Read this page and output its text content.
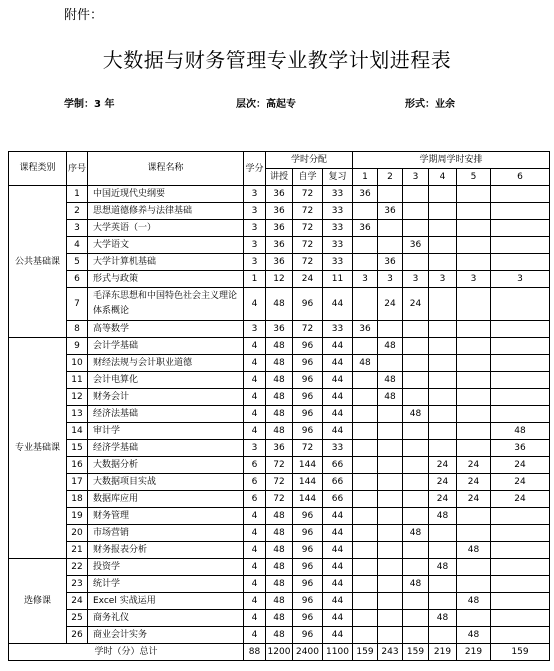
附件：
大数据与财务管理专业教学计划进程表
学制：3 年	层次：高起专	形式：业余
课程类别	序号	课程名称	学分	学时分配			学期周学时安排					
				讲授	自学	复习	1	2	3	4	5	6
公共基础课	1	中国近现代史纲要	3	36	72	33	36					
	2	思想道德修养与法律基础	3	36	72	33		36				
	3	大学英语（一）	3	36	72	33	36					
	4	大学语文	3	36	72	33			36			
	5	大学计算机基础	3	36	72	33		36				
	6	形式与政策	1	12	24	11	3	3	3	3	3	3
	7	毛泽东思想和中国特色社会主义理论体系概论	4	48	96	44		24	24			
	8	高等数学	3	36	72	33	36					
专业基础课	9	会计学基础	4	48	96	44		48				
	10	财经法规与会计职业道德	4	48	96	44	48					
	11	会计电算化	4	48	96	44		48				
	12	财务会计	4	48	96	44		48				
	13	经济法基础	4	48	96	44			48			
	14	审计学	4	48	96	44						48
	15	经济学基础	3	36	72	33						36
	16	大数据分析	6	72	144	66				24	24	24
	17	大数据项目实战	6	72	144	66				24	24	24
	18	数据库应用	6	72	144	66				24	24	24
	19	财务管理	4	48	96	44				48		
	20	市场营销	4	48	96	44			48			
	21	财务报表分析	4	48	96	44					48	
选修课	22	投资学	4	48	96	44				48		
	23	统计学	4	48	96	44			48			
	24	Excel 实战运用	4	48	96	44					48	
	25	商务礼仪	4	48	96	44				48		
	26	商业会计实务	4	48	96	44					48	
学时（分）总计			88	1200	2400	1100	159	243	159	219	219	159
